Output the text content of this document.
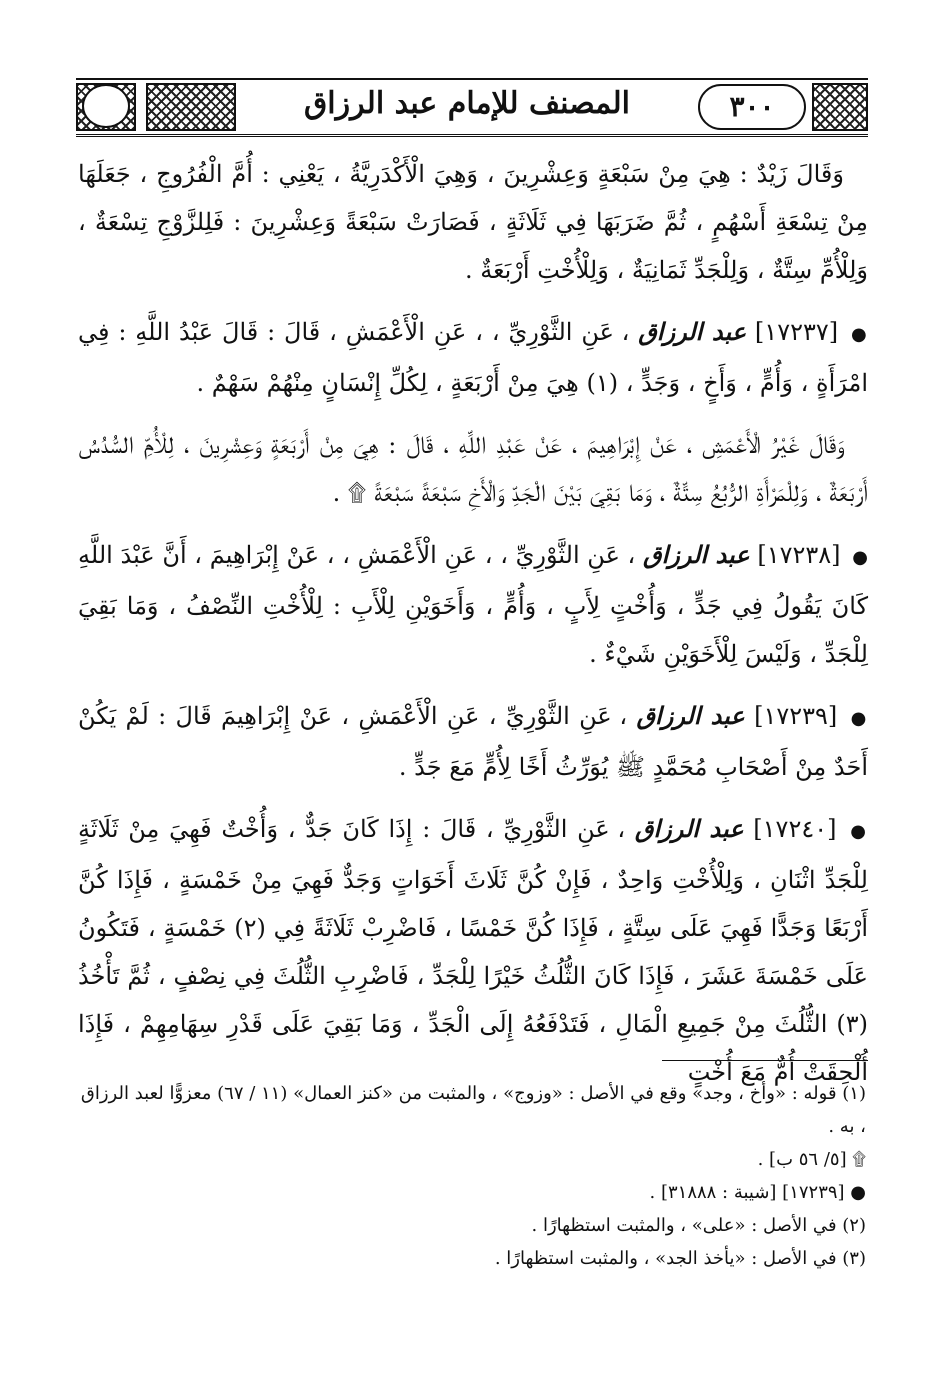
٣٠٠
المصنف للإمام عبد الرزاق

وَقَالَ زَيْدٌ : هِيَ مِنْ سَبْعَةٍ وَعِشْرِينَ ، وَهِيَ الْأَكْدَرِيَّةُ ، يَعْنِي : أُمَّ الْفُرُوجِ ، جَعَلَهَا مِنْ تِسْعَةِ أَسْهُمٍ ، ثُمَّ ضَرَبَهَا فِي ثَلَاثَةٍ ، فَصَارَتْ سَبْعَةً وَعِشْرِينَ : فَلِلزَّوْجِ تِسْعَةٌ ، وَلِلْأُمِّ سِتَّةٌ ، وَلِلْجَدِّ ثَمَانِيَةٌ ، وَلِلْأُخْتِ أَرْبَعَةٌ .

● [١٧٢٣٧] عبد الرزاق ، عَنِ الثَّوْرِيِّ ، ، عَنِ الْأَعْمَشِ ، قَالَ : قَالَ عَبْدُ اللَّهِ : فِي امْرَأَةٍ ، وَأُمٍّ ، وَأَخٍ ، وَجَدٍّ ، (١) هِيَ مِنْ أَرْبَعَةٍ ، لِكُلِّ إِنْسَانٍ مِنْهُمْ سَهْمٌ .

وَقَالَ غَيْرُ الْأَعْمَشِ ، عَنْ إِبْرَاهِيمَ ، عَنْ عَبْدِ اللَّهِ ، قَالَ : هِيَ مِنْ أَرْبَعَةٍ وَعِشْرِينَ ، لِلْأُمِّ السُّدُسُ أَرْبَعَةٌ ، وَلِلْمَرْأَةِ الرُّبُعُ سِتَّةٌ ، وَمَا بَقِيَ بَيْنَ الْجَدِّ وَالْأَخِ سَبْعَةً سَبْعَةً ۩ .

● [١٧٢٣٨] عبد الرزاق ، عَنِ الثَّوْرِيِّ ، ، عَنِ الْأَعْمَشِ ، ، عَنْ إِبْرَاهِيمَ ، أَنَّ عَبْدَ اللَّهِ كَانَ يَقُولُ فِي جَدٍّ ، وَأُخْتٍ لِأَبٍ ، وَأُمٍّ ، وَأَخَوَيْنِ لِلْأَبِ : لِلْأُخْتِ النِّصْفُ ، وَمَا بَقِيَ لِلْجَدِّ ، وَلَيْسَ لِلْأَخَوَيْنِ شَيْءٌ .

● [١٧٢٣٩] عبد الرزاق ، عَنِ الثَّوْرِيِّ ، عَنِ الْأَعْمَشِ ، عَنْ إِبْرَاهِيمَ قَالَ : لَمْ يَكُنْ أَحَدٌ مِنْ أَصْحَابِ مُحَمَّدٍ ﷺ يُوَرِّثُ أَخًا لِأُمٍّ مَعَ جَدٍّ .

● [١٧٢٤٠] عبد الرزاق ، عَنِ الثَّوْرِيِّ ، قَالَ : إِذَا كَانَ جَدٌّ ، وَأُخْتٌ فَهِيَ مِنْ ثَلَاثَةٍ لِلْجَدِّ اثْنَانِ ، وَلِلْأُخْتِ وَاحِدٌ ، فَإِنْ كُنَّ ثَلَاثَ أَخَوَاتٍ وَجَدٌّ فَهِيَ مِنْ خَمْسَةٍ ، فَإِذَا كُنَّ أَرْبَعًا وَجَدًّا فَهِيَ عَلَى سِتَّةٍ ، فَإِذَا كُنَّ خَمْسًا ، فَاضْرِبْ ثَلَاثَةً فِي (٢) خَمْسَةٍ ، فَتَكُونُ عَلَى خَمْسَةَ عَشَرَ ، فَإِذَا كَانَ الثُّلُثُ خَيْرًا لِلْجَدِّ ، فَاضْرِبِ الثُّلُثَ فِي نِصْفٍ ، ثُمَّ تَأْخُذُ (٣) الثُّلُثَ مِنْ جَمِيعِ الْمَالِ ، فَتَدْفَعُهُ إِلَى الْجَدِّ ، وَمَا بَقِيَ عَلَى قَدْرِ سِهَامِهِمْ ، فَإِذَا أُلْحِقَتْ أُمٌّ مَعَ أُخْتٍ

(١) قوله : «وأخ ، وجد» وقع في الأصل : «وزوج» ، والمثبت من «كنز العمال» (١١ / ٦٧) معزوًّا لعبد الرزاق ، به .

۩ [٥/ ٥٦ ب] .

● [١٧٢٣٩] [شيبة : ٣١٨٨٨] .

(٢) في الأصل : «على» ، والمثبت استظهارًا .

(٣) في الأصل : «يأخذ الجد» ، والمثبت استظهارًا .
